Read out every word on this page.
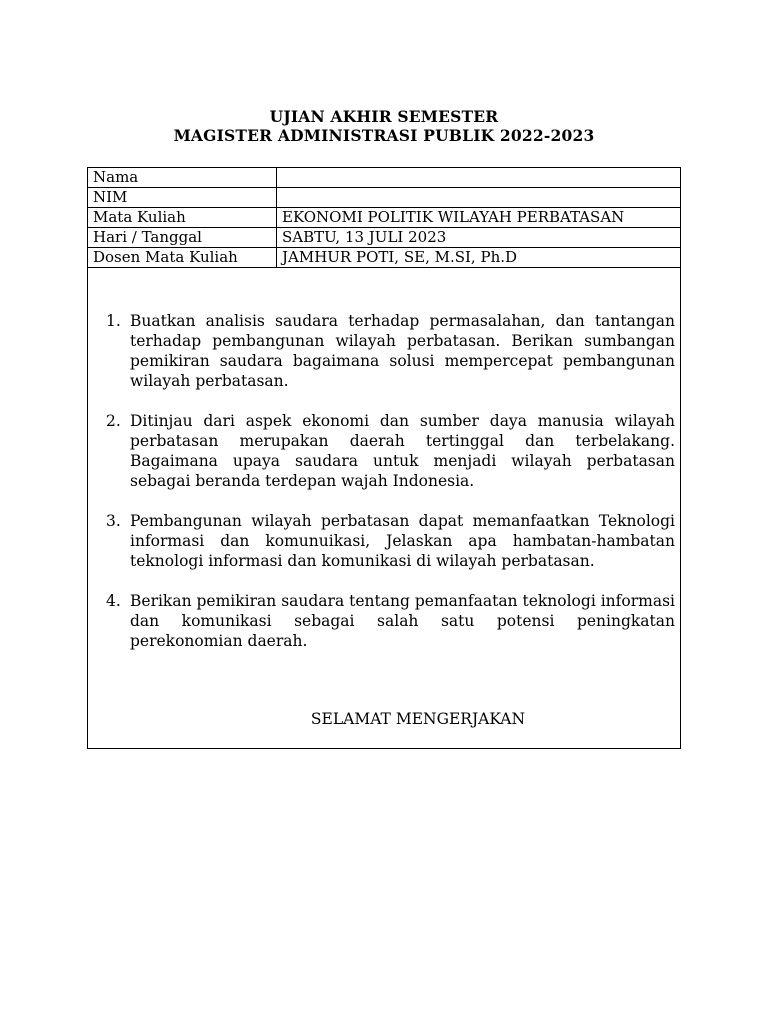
UJIAN AKHIR SEMESTER
MAGISTER ADMINISTRASI PUBLIK 2022-2023
Nama	
NIM	
Mata Kuliah	EKONOMI POLITIK WILAYAH PERBATASAN
Hari / Tanggal	SABTU, 13 JULI 2023
Dosen Mata Kuliah	JAMHUR POTI, SE, M.SI, Ph.D
1. Buatkan analisis saudara terhadap permasalahan, dan tantangan terhadap pembangunan wilayah perbatasan. Berikan sumbangan pemikiran saudara bagaimana solusi mempercepat pembangunan wilayah perbatasan.
2. Ditinjau dari aspek ekonomi dan sumber daya manusia wilayah perbatasan merupakan daerah tertinggal dan terbelakang. Bagaimana upaya saudara untuk menjadi wilayah perbatasan sebagai beranda terdepan wajah Indonesia.
3. Pembangunan wilayah perbatasan dapat memanfaatkan Teknologi informasi dan komunuikasi, Jelaskan apa hambatan-hambatan teknologi informasi dan komunikasi di wilayah perbatasan.
4. Berikan pemikiran saudara tentang pemanfaatan teknologi informasi dan komunikasi sebagai salah satu potensi peningkatan perekonomian daerah.
SELAMAT MENGERJAKAN
